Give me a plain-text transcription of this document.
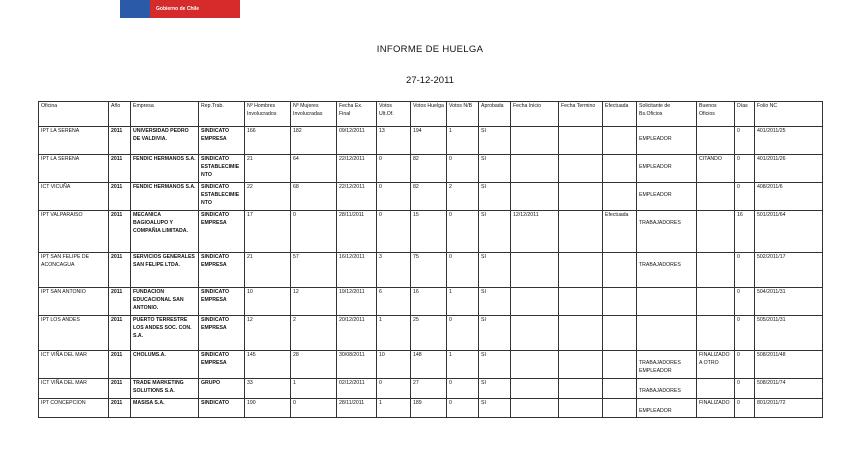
Gobierno de Chile
INFORME DE HUELGA
27-12-2011
Oficina	Año	Empresa	Rep.Trab.	Nº Hombres Involucrados	Nº Mujeres Involucradas	Fecha Ex. Final	Votos Ult.Of.	Votos Huelga	Votos N/B	Aprobada	Fecha Inicio	Fecha Termino	Efectuada	Solicitante de Bs.Oficios	Buenos Oficios	Días	Folio NC
IPT LA SERENA	2011	UNIVERSIDAD PEDRO DE VALDIVIA.	SINDICATO EMPRESA	166	182	09/12/2011	13	194	1	SI				EMPLEADOR		0	401/2011/25
IPT LA SERENA	2011	FENDIC HERMANOS S.A.	SINDICATO ESTABLECIMIENTO	21	64	22/12/2011	0	82	0	SI				EMPLEADOR	CITANDO	0	401/2011/26
ICT VICUÑA	2011	FENDIC HERMANOS S.A.	SINDICATO ESTABLECIMIENTO	22	68	22/12/2011	0	82	2	SI				EMPLEADOR		0	408/2011/6
IPT VALPARAISO	2011	MECANICA BAGIOALUPO Y COMPAÑIA LIMITADA.	SINDICATO EMPRESA	17	0	28/11/2011	0	15	0	SI	12/12/2011		Efectuada	TRABAJADORES		16	501/2011/64
IPT SAN FELIPE DE ACONCAGUA	2011	SERVICIOS GENERALES SAN FELIPE LTDA.	SINDICATO EMPRESA	21	57	16/12/2011	3	75	0	SI				TRABAJADORES		0	502/2011/17
IPT SAN ANTONIO	2011	FUNDACION EDUCACIONAL SAN ANTONIO.	SINDICATO EMPRESA	10	12	19/12/2011	6	16	1	SI						0	504/2011/31
IPT LOS ANDES	2011	PUERTO TERRESTRE LOS ANDES SOC. CON. S.A.	SINDICATO EMPRESA	12	2	20/12/2011	1	25	0	SI						0	505/2011/31
ICT VIÑA DEL MAR	2011	CHOLUMS.A.	SINDICATO EMPRESA	145	28	30/08/2011	10	148	1	SI				TRABAJADORES EMPLEADOR	FINALIZADO A OTRO	0	508/2011/48
ICT VIÑA DEL MAR	2011	TRADE MARKETING SOLUTIONS S.A.	GRUPO	33	1	02/12/2011	0	27	0	SI				TRABAJADORES		0	508/2011/74
IPT CONCEPCION	2011	MASISA S.A.	SINDICATO	190	0	28/11/2011	1	189	0	SI				EMPLEADOR	FINALIZADO	0	801/2011/72
